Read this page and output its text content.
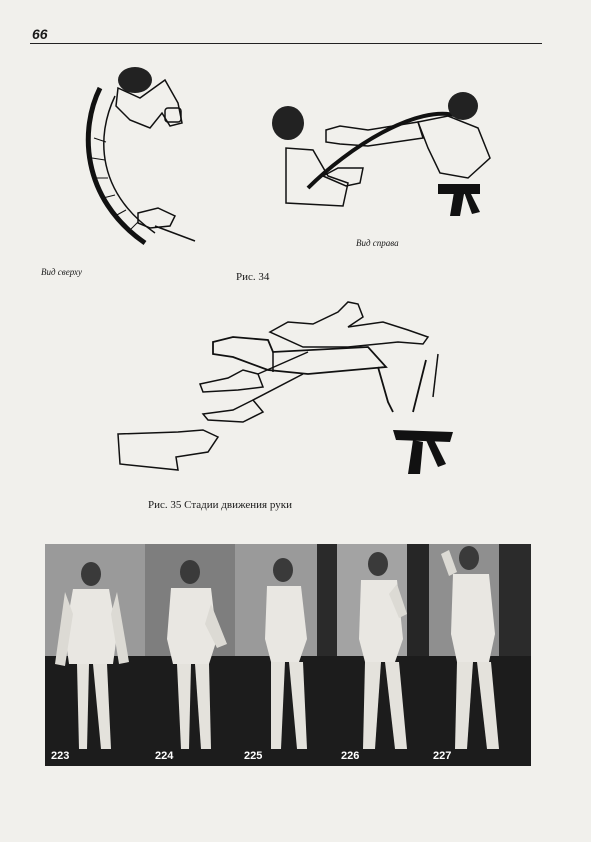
66
Вид сверху	Рис. 34
Вид справа
Рис. 35 Стадии движения руки
223	224	225	226	227
